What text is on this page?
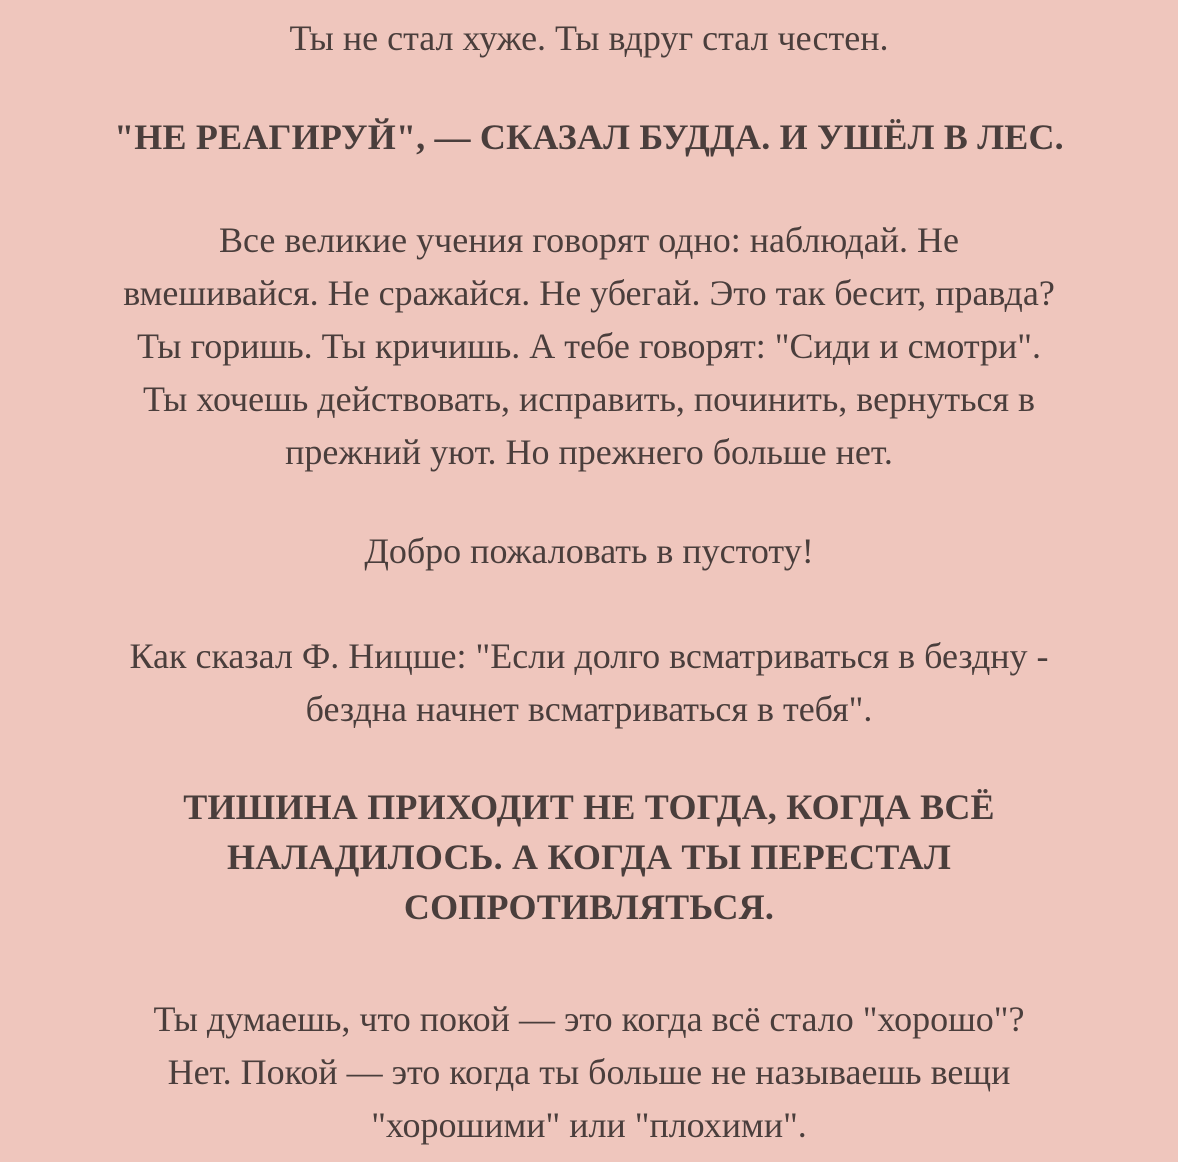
Ты не стал хуже. Ты вдруг стал честен.

"НЕ РЕАГИРУЙ", — СКАЗАЛ БУДДА. И УШЁЛ В ЛЕС.

Все великие учения говорят одно: наблюдай. Не
вмешивайся. Не сражайся. Не убегай. Это так бесит, правда?
Ты горишь. Ты кричишь. А тебе говорят: "Сиди и смотри".
Ты хочешь действовать, исправить, починить, вернуться в
прежний уют. Но прежнего больше нет.

Добро пожаловать в пустоту!

Как сказал Ф. Ницше: "Если долго всматриваться в бездну -
бездна начнет всматриваться в тебя".

ТИШИНА ПРИХОДИТ НЕ ТОГДА, КОГДА ВСЁ
НАЛАДИЛОСЬ. А КОГДА ТЫ ПЕРЕСТАЛ
СОПРОТИВЛЯТЬСЯ.

Ты думаешь, что покой — это когда всё стало "хорошо"?
Нет. Покой — это когда ты больше не называешь вещи
"хорошими" или "плохими".
